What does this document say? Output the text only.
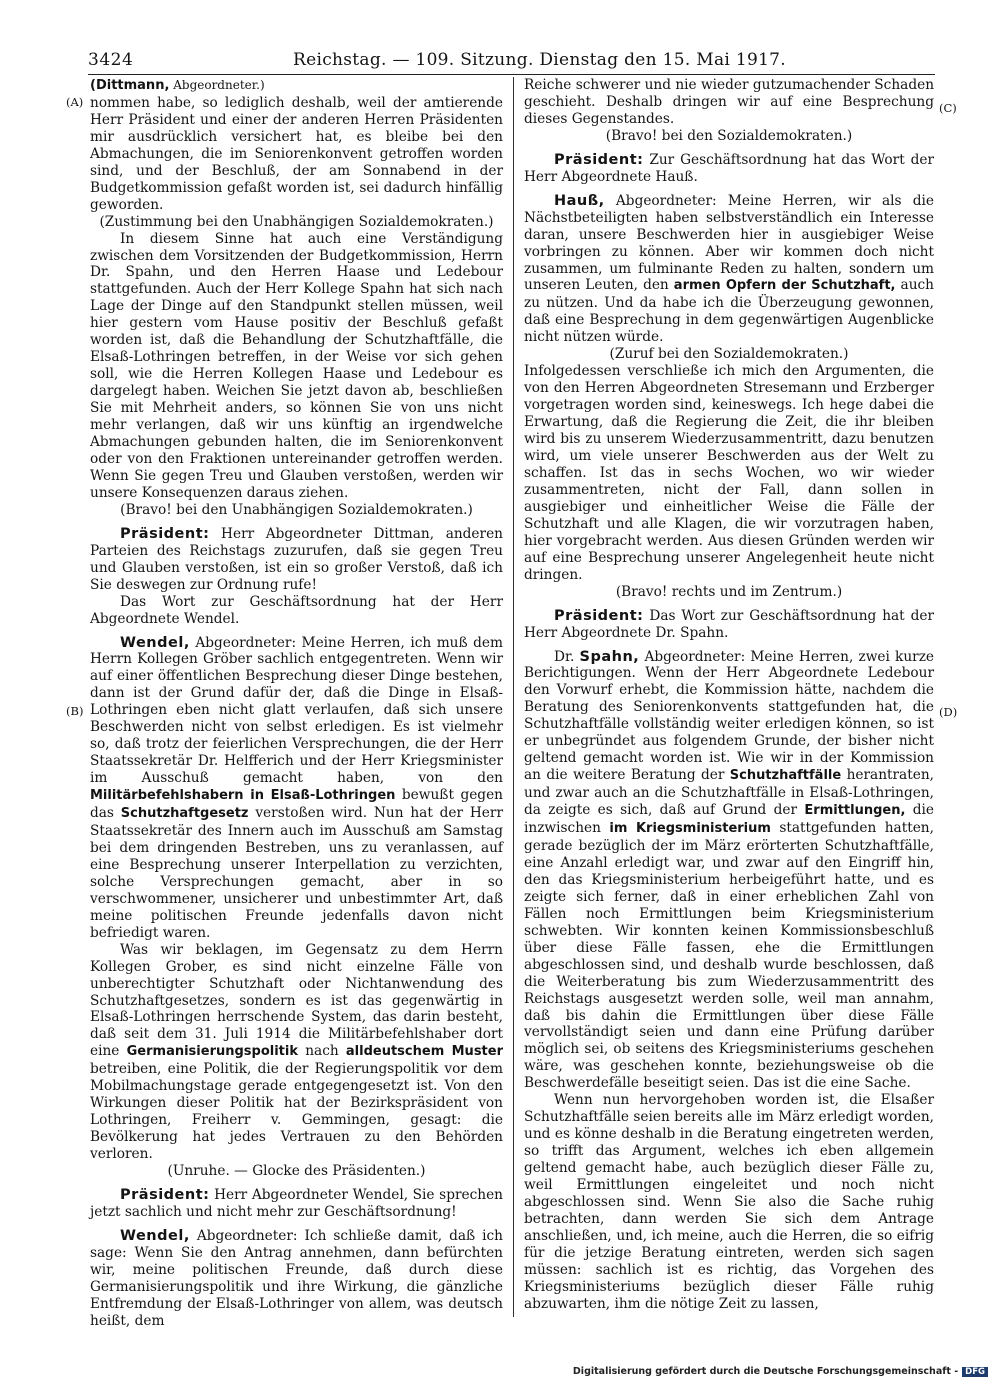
3424	Reichstag. — 109. Sitzung. Dienstag den 15. Mai 1917.
(A)
(B)
(C)
(D)

(Dittmann, Abgeordneter.)

nommen habe, so lediglich deshalb, weil der amtierende Herr Präsident und einer der anderen Herren Präsidenten mir ausdrücklich versichert hat, es bleibe bei den Abmachungen, die im Seniorenkonvent getroffen worden sind, und der Beschluß, der am Sonnabend in der Budgetkommission gefaßt worden ist, sei dadurch hinfällig geworden.

(Zustimmung bei den Unabhängigen Sozialdemokraten.)

In diesem Sinne hat auch eine Verständigung zwischen dem Vorsitzenden der Budgetkommission, Herrn Dr. Spahn, und den Herren Haase und Ledebour stattgefunden. Auch der Herr Kollege Spahn hat sich nach Lage der Dinge auf den Standpunkt stellen müssen, weil hier gestern vom Hause positiv der Beschluß gefaßt worden ist, daß die Behandlung der Schutzhaftfälle, die Elsaß-Lothringen betreffen, in der Weise vor sich gehen soll, wie die Herren Kollegen Haase und Ledebour es dargelegt haben. Weichen Sie jetzt davon ab, beschließen Sie mit Mehrheit anders, so können Sie von uns nicht mehr verlangen, daß wir uns künftig an irgendwelche Abmachungen gebunden halten, die im Seniorenkonvent oder von den Fraktionen untereinander getroffen werden. Wenn Sie gegen Treu und Glauben verstoßen, werden wir unsere Konsequenzen daraus ziehen.

(Bravo! bei den Unabhängigen Sozialdemokraten.)

Präsident: Herr Abgeordneter Dittman, anderen Parteien des Reichstags zuzurufen, daß sie gegen Treu und Glauben verstoßen, ist ein so großer Verstoß, daß ich Sie deswegen zur Ordnung rufe!

Das Wort zur Geschäftsordnung hat der Herr Abgeordnete Wendel.

Wendel, Abgeordneter: Meine Herren, ich muß dem Herrn Kollegen Gröber sachlich entgegentreten. Wenn wir auf einer öffentlichen Besprechung dieser Dinge bestehen, dann ist der Grund dafür der, daß die Dinge in Elsaß-Lothringen eben nicht glatt verlaufen, daß sich unsere Beschwerden nicht von selbst erledigen. Es ist vielmehr so, daß trotz der feierlichen Versprechungen, die der Herr Staatssekretär Dr. Helfferich und der Herr Kriegsminister im Ausschuß gemacht haben, von den Militärbefehlshabern in Elsaß-Lothringen bewußt gegen das Schutzhaftgesetz verstoßen wird. Nun hat der Herr Staatssekretär des Innern auch im Ausschuß am Samstag bei dem dringenden Bestreben, uns zu veranlassen, auf eine Besprechung unserer Interpellation zu verzichten, solche Versprechungen gemacht, aber in so verschwommener, unsicherer und unbestimmter Art, daß meine politischen Freunde jedenfalls davon nicht befriedigt waren.

Was wir beklagen, im Gegensatz zu dem Herrn Kollegen Grober, es sind nicht einzelne Fälle von unberechtigter Schutzhaft oder Nichtanwendung des Schutzhaftgesetzes, sondern es ist das gegenwärtig in Elsaß-Lothringen herrschende System, das darin besteht, daß seit dem 31. Juli 1914 die Militärbefehlshaber dort eine Germanisierungspolitik nach alldeutschem Muster betreiben, eine Politik, die der Regierungspolitik vor dem Mobilmachungstage gerade entgegengesetzt ist. Von den Wirkungen dieser Politik hat der Bezirkspräsident von Lothringen, Freiherr v. Gemmingen, gesagt: die Bevölkerung hat jedes Vertrauen zu den Behörden verloren.

(Unruhe. — Glocke des Präsidenten.)

Präsident: Herr Abgeordneter Wendel, Sie sprechen jetzt sachlich und nicht mehr zur Geschäftsordnung!

Wendel, Abgeordneter: Ich schließe damit, daß ich sage: Wenn Sie den Antrag annehmen, dann befürchten wir, meine politischen Freunde, daß durch diese Germanisierungspolitik und ihre Wirkung, die gänzliche Entfremdung der Elsaß-Lothringer von allem, was deutsch heißt, dem

Reiche schwerer und nie wieder gutzumachender Schaden geschieht. Deshalb dringen wir auf eine Besprechung dieses Gegenstandes.

(Bravo! bei den Sozialdemokraten.)

Präsident: Zur Geschäftsordnung hat das Wort der Herr Abgeordnete Hauß.

Hauß, Abgeordneter: Meine Herren, wir als die Nächstbeteiligten haben selbstverständlich ein Interesse daran, unsere Beschwerden hier in ausgiebiger Weise vorbringen zu können. Aber wir kommen doch nicht zusammen, um fulminante Reden zu halten, sondern um unseren Leuten, den armen Opfern der Schutzhaft, auch zu nützen. Und da habe ich die Überzeugung gewonnen, daß eine Besprechung in dem gegenwärtigen Augenblicke nicht nützen würde.

(Zuruf bei den Sozialdemokraten.)

Infolgedessen verschließe ich mich den Argumenten, die von den Herren Abgeordneten Stresemann und Erzberger vorgetragen worden sind, keineswegs. Ich hege dabei die Erwartung, daß die Regierung die Zeit, die ihr bleiben wird bis zu unserem Wiederzusammentritt, dazu benutzen wird, um viele unserer Beschwerden aus der Welt zu schaffen. Ist das in sechs Wochen, wo wir wieder zusammentreten, nicht der Fall, dann sollen in ausgiebiger und einheitlicher Weise die Fälle der Schutzhaft und alle Klagen, die wir vorzutragen haben, hier vorgebracht werden. Aus diesen Gründen werden wir auf eine Besprechung unserer Angelegenheit heute nicht dringen.

(Bravo! rechts und im Zentrum.)

Präsident: Das Wort zur Geschäftsordnung hat der Herr Abgeordnete Dr. Spahn.

Dr. Spahn, Abgeordneter: Meine Herren, zwei kurze Berichtigungen. Wenn der Herr Abgeordnete Ledebour den Vorwurf erhebt, die Kommission hätte, nachdem die Beratung des Seniorenkonvents stattgefunden hat, die Schutzhaftfälle vollständig weiter erledigen können, so ist er unbegründet aus folgendem Grunde, der bisher nicht geltend gemacht worden ist. Wie wir in der Kommission an die weitere Beratung der Schutzhaftfälle herantraten, und zwar auch an die Schutzhaftfälle in Elsaß-Lothringen, da zeigte es sich, daß auf Grund der Ermittlungen, die inzwischen im Kriegsministerium stattgefunden hatten, gerade bezüglich der im März erörterten Schutzhaftfälle, eine Anzahl erledigt war, und zwar auf den Eingriff hin, den das Kriegsministerium herbeigeführt hatte, und es zeigte sich ferner, daß in einer erheblichen Zahl von Fällen noch Ermittlungen beim Kriegsministerium schwebten. Wir konnten keinen Kommissionsbeschluß über diese Fälle fassen, ehe die Ermittlungen abgeschlossen sind, und deshalb wurde beschlossen, daß die Weiterberatung bis zum Wiederzusammentritt des Reichstags ausgesetzt werden solle, weil man annahm, daß bis dahin die Ermittlungen über diese Fälle vervollständigt seien und dann eine Prüfung darüber möglich sei, ob seitens des Kriegsministeriums geschehen wäre, was geschehen konnte, beziehungsweise ob die Beschwerdefälle beseitigt seien. Das ist die eine Sache.

Wenn nun hervorgehoben worden ist, die Elsaßer Schutzhaftfälle seien bereits alle im März erledigt worden, und es könne deshalb in die Beratung eingetreten werden, so trifft das Argument, welches ich eben allgemein geltend gemacht habe, auch bezüglich dieser Fälle zu, weil Ermittlungen eingeleitet und noch nicht abgeschlossen sind. Wenn Sie also die Sache ruhig betrachten, dann werden Sie sich dem Antrage anschließen, und, ich meine, auch die Herren, die so eifrig für die jetzige Beratung eintreten, werden sich sagen müssen: sachlich ist es richtig, das Vorgehen des Kriegsministeriums bezüglich dieser Fälle ruhig abzuwarten, ihm die nötige Zeit zu lassen,

Digitalisierung gefördert durch die Deutsche Forschungsgemeinschaft - DFG
